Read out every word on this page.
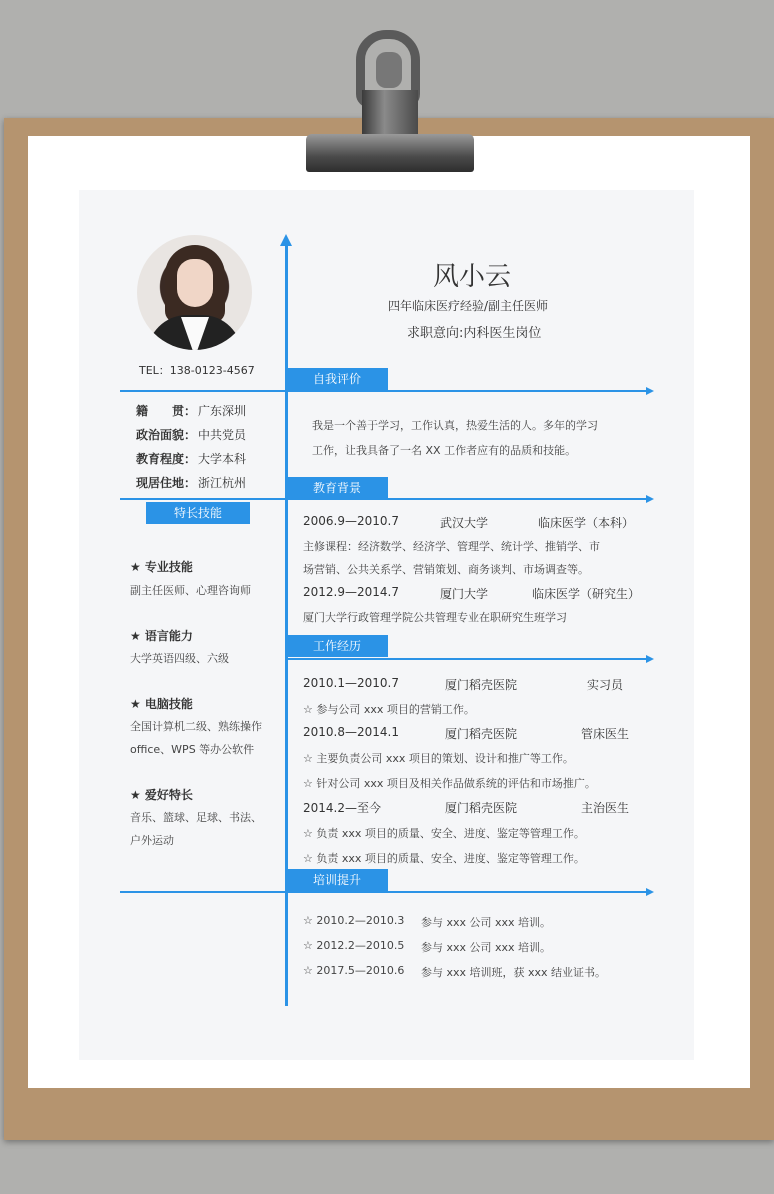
TEL：138-0123-4567
风小云
四年临床医疗经验/副主任医师
求职意向:内科医生岗位
自我评价
教育背景
工作经历
培训提升
特长技能
籍　　贯： 广东深圳
政治面貌： 中共党员
教育程度： 大学本科
现居住地： 浙江杭州
★ 专业技能
副主任医师、心理咨询师
★ 语言能力
大学英语四级、六级
★ 电脑技能
全国计算机二级、熟练操作
office、WPS 等办公软件
★ 爱好特长
音乐、篮球、足球、书法、
户外运动
我是一个善于学习，工作认真，热爱生活的人。多年的学习
工作，让我具备了一名 XX 工作者应有的品质和技能。
2006.9—2010.7	武汉大学	临床医学（本科）
主修课程：经济数学、经济学、管理学、统计学、推销学、市
场营销、公共关系学、营销策划、商务谈判、市场调查等。
2012.9—2014.7	厦门大学	临床医学（研究生）
厦门大学行政管理学院公共管理专业在职研究生班学习
2010.1—2010.7	厦门稻壳医院	实习员
☆ 参与公司 xxx 项目的营销工作。
2010.8—2014.1	厦门稻壳医院	管床医生
☆ 主要负责公司 xxx 项目的策划、设计和推广等工作。
☆ 针对公司 xxx 项目及相关作品做系统的评估和市场推广。
2014.2—至今	厦门稻壳医院	主治医生
☆ 负责 xxx 项目的质量、安全、进度、鉴定等管理工作。
☆ 负责 xxx 项目的质量、安全、进度、鉴定等管理工作。
☆ 2010.2—2010.3 参与 xxx 公司 xxx 培训。
☆ 2012.2—2010.5 参与 xxx 公司 xxx 培训。
☆ 2017.5—2010.6 参与 xxx 培训班，获 xxx 结业证书。
